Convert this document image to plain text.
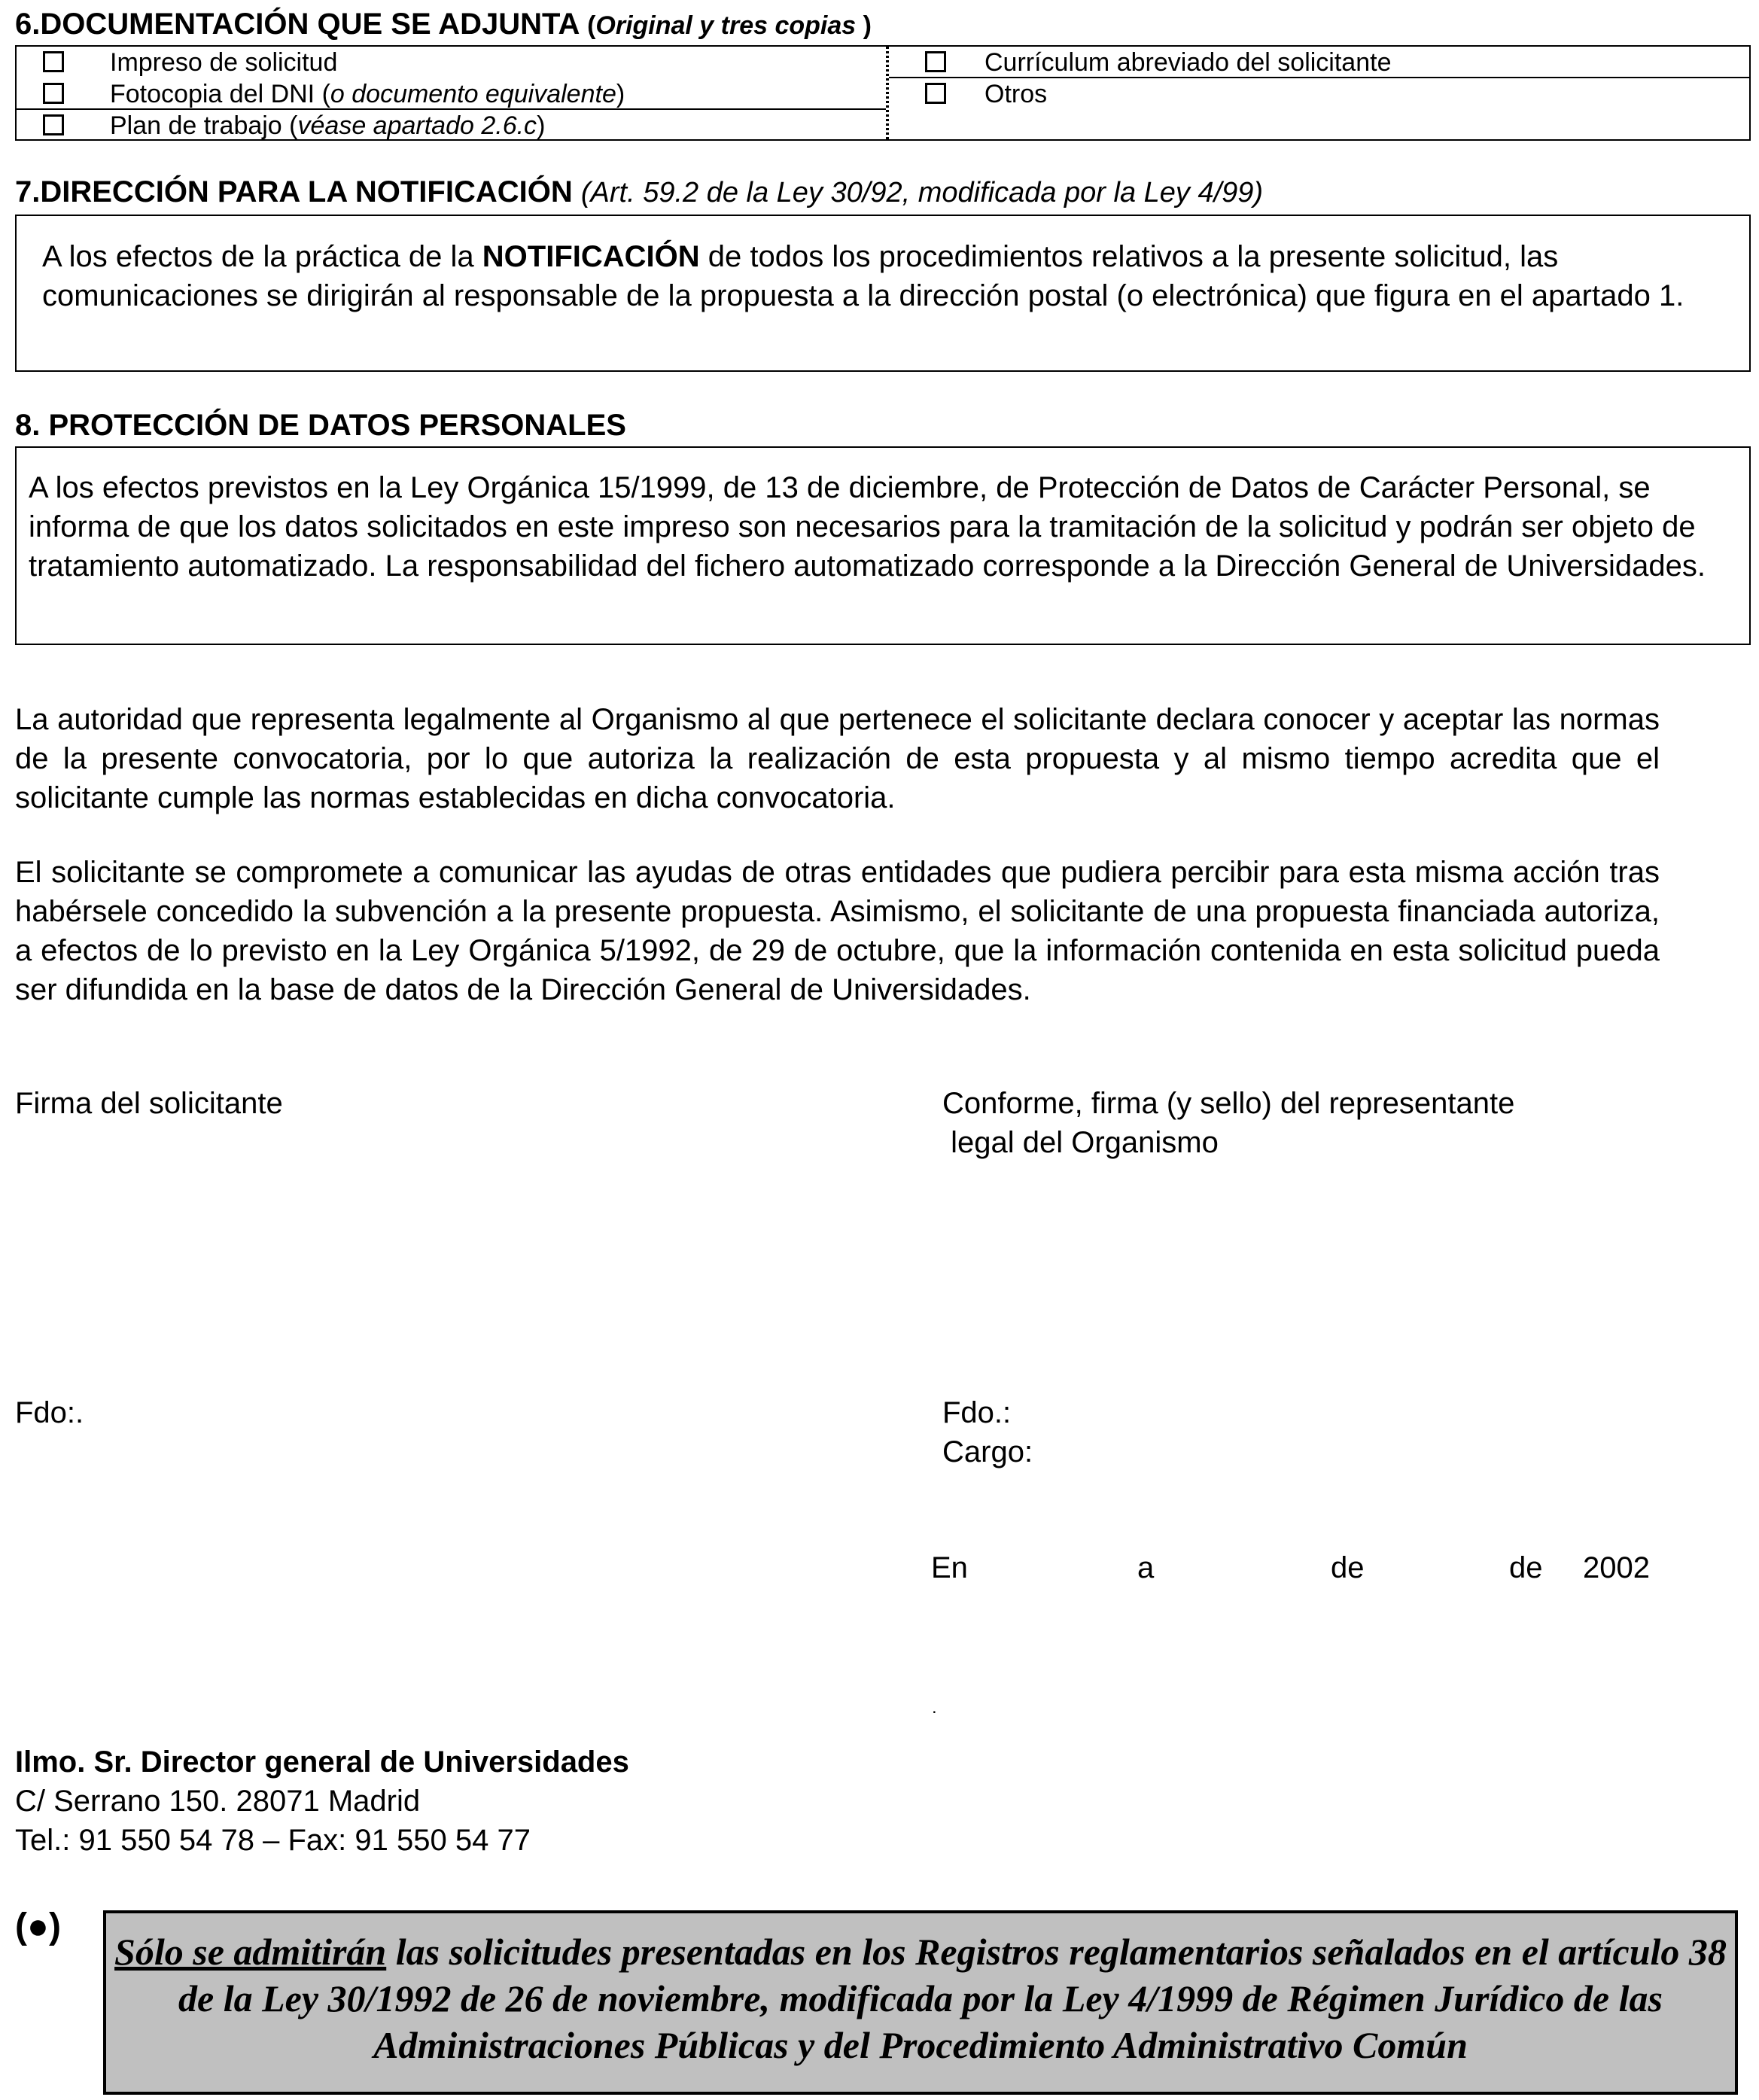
6.DOCUMENTACIÓN QUE SE ADJUNTA (Original y tres copias )
Impreso de solicitud
Fotocopia del DNI (o documento equivalente)
Plan de trabajo (véase apartado 2.6.c)
Currículum abreviado del solicitante
Otros
7.DIRECCIÓN PARA LA NOTIFICACIÓN (Art. 59.2 de la Ley 30/92, modificada por la Ley 4/99)
A los efectos de la práctica de la NOTIFICACIÓN de todos los procedimientos relativos a la presente solicitud, las comunicaciones se dirigirán al responsable de la propuesta a la dirección postal (o electrónica) que figura en el apartado 1.
8. PROTECCIÓN DE DATOS PERSONALES
A los efectos previstos en la Ley Orgánica 15/1999, de 13 de diciembre, de Protección de Datos de Carácter Personal, se informa de que los datos solicitados en este impreso son necesarios para la tramitación de la solicitud y podrán ser objeto de tratamiento automatizado. La responsabilidad del fichero automatizado corresponde a la Dirección General de Universidades.
La autoridad que representa legalmente al Organismo al que pertenece el solicitante declara conocer y aceptar las normas de la presente convocatoria, por lo que autoriza la realización de esta propuesta y al mismo tiempo acredita que el solicitante cumple las normas establecidas en dicha convocatoria.
El solicitante se compromete a comunicar las ayudas de otras entidades que pudiera percibir para esta misma acción tras habérsele concedido la subvención a la presente propuesta. Asimismo, el solicitante de una propuesta financiada autoriza, a efectos de lo previsto en la Ley Orgánica 5/1992, de 29 de octubre, que la información contenida en esta solicitud pueda ser difundida en la base de datos de la Dirección General de Universidades.
Firma del solicitante	Conforme, firma (y sello) del representante
legal del Organismo
Fdo:.	Fdo.:
Cargo:
En	a	de	de 2002
.
Ilmo. Sr. Director general de Universidades
C/ Serrano 150. 28071 Madrid
Tel.: 91 550 54 78 – Fax: 91 550 54 77
(●)
Sólo se admitirán las solicitudes presentadas en los Registros reglamentarios señalados en el artículo 38 de la Ley 30/1992 de 26 de noviembre, modificada por la Ley 4/1999 de Régimen Jurídico de las Administraciones Públicas y del Procedimiento Administrativo Común
